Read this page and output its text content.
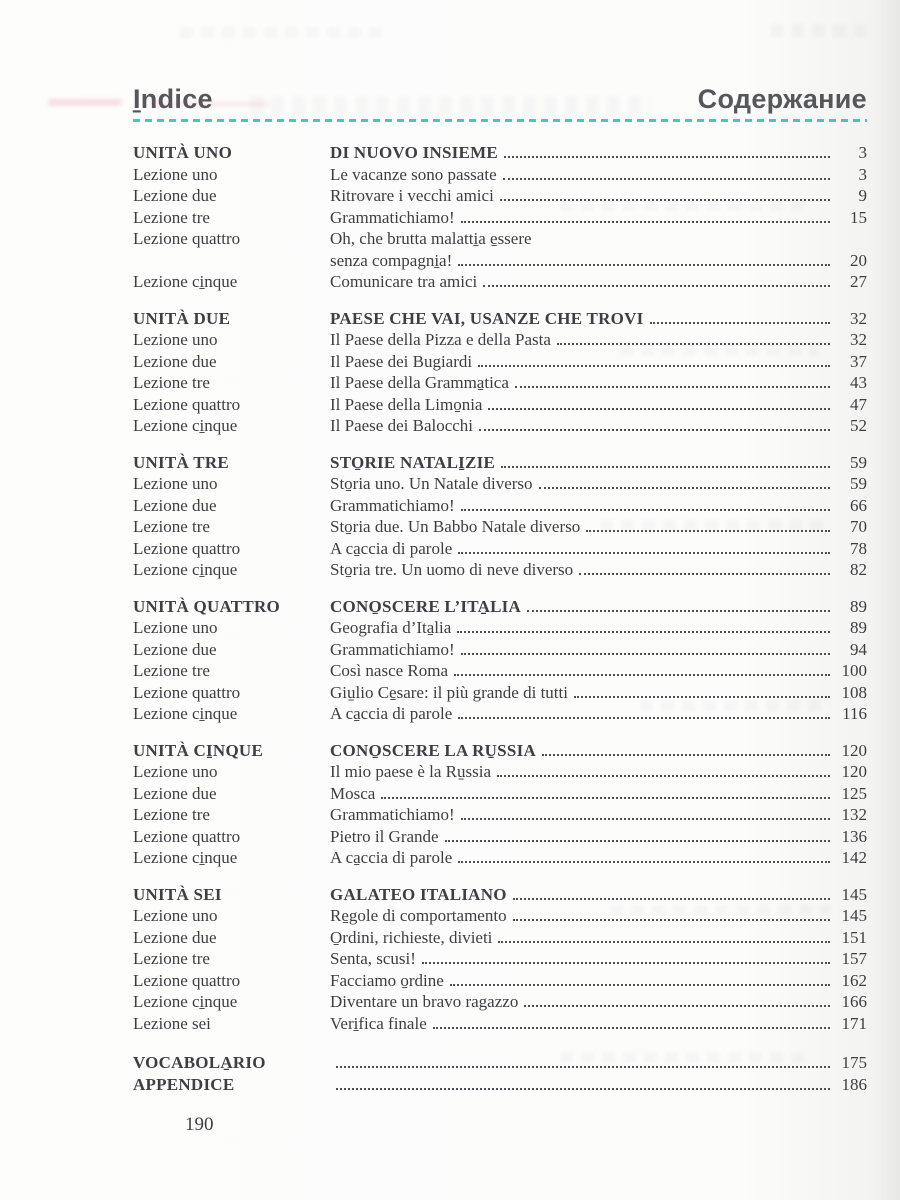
I̱ndice	Содержание
UNITÀ UNO	DI NUOVO INSIEME	3
Lezione uno	Le vacanze sono passate	3
Lezione due	Ritrovare i vecchi amici	9
Lezione tre	Grammatichiamo!	15
Lezione quattro	Oh, che brutta malatti̱a e̱ssere
senza compagni̱a!	20
Lezione ci̱nque	Comunicare tra amici	27
UNITÀ DUE	PAESE CHE VAI, USANZE CHE TROVI	32
Lezione uno	Il Paese della Pizza e della Pasta	32
Lezione due	Il Paese dei Bugiardi	37
Lezione tre	Il Paese della Gramma̱tica	43
Lezione quattro	Il Paese della Limo̱nia	47
Lezione ci̱nque	Il Paese dei Balocchi	52
UNITÀ TRE	STO̱RIE NATALI̱ZIE	59
Lezione uno	Sto̱ria uno. Un Natale diverso	59
Lezione due	Grammatichiamo!	66
Lezione tre	Sto̱ria due. Un Babbo Natale diverso	70
Lezione quattro	A ca̱ccia di parole	78
Lezione ci̱nque	Sto̱ria tre. Un uomo di neve diverso	82
UNITÀ QUATTRO	CONO̱SCERE L’ITA̱LIA	89
Lezione uno	Geografia d’Ita̱lia	89
Lezione due	Grammatichiamo!	94
Lezione tre	Così nasce Roma	100
Lezione quattro	Giu̱lio Ce̱sare: il più grande di tutti	108
Lezione ci̱nque	A ca̱ccia di parole	116
UNITÀ CI̱NQUE	CONO̱SCERE LA RU̱SSIA	120
Lezione uno	Il mio paese è la Ru̱ssia	120
Lezione due	Mosca	125
Lezione tre	Grammatichiamo!	132
Lezione quattro	Pietro il Grande	136
Lezione ci̱nque	A ca̱ccia di parole	142
UNITÀ SEI	GALATEO ITALIANO	145
Lezione uno	Re̱gole di comportamento	145
Lezione due	O̱rdini, richieste, divieti	151
Lezione tre	Senta, scusi!	157
Lezione quattro	Facciamo o̱rdine	162
Lezione ci̱nque	Diventare un bravo ragazzo	166
Lezione sei	Veri̱fica finale	171
VOCABOLA̱RIO	175
APPENDICE	186
190
